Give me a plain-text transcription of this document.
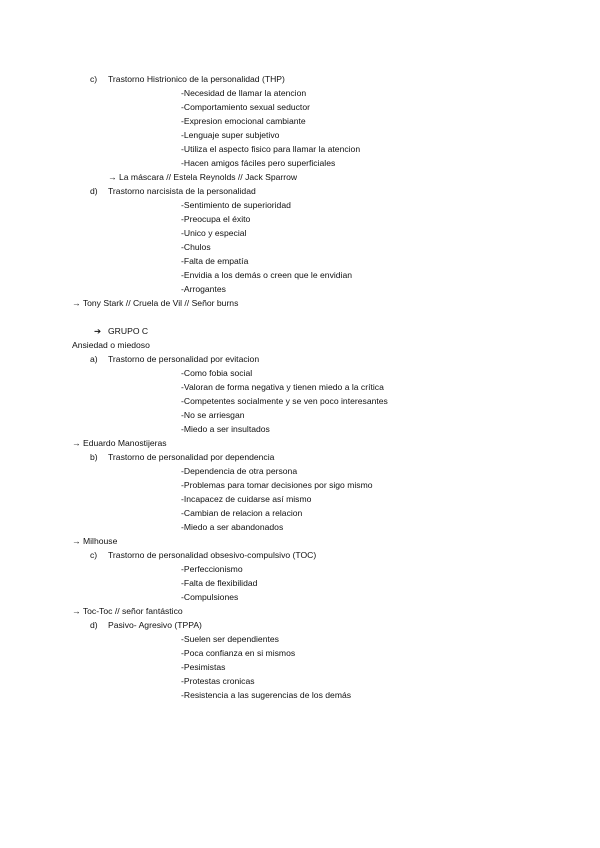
c)	Trastorno Histrionico de la personalidad (THP)
-Necesidad de llamar la atencion
-Comportamiento sexual seductor
-Expresion emocional cambiante
-Lenguaje super subjetivo
-Utiliza el aspecto fisico para llamar la atencion
-Hacen amigos fáciles pero superficiales
→ La máscara // Estela Reynolds // Jack Sparrow
d)	Trastorno narcisista de la personalidad
-Sentimiento de superioridad
-Preocupa el éxito
-Unico y especial
-Chulos
-Falta de empatía
-Envidia a los demás o creen que le envidian
-Arrogantes
→ Tony Stark // Cruela de Vil // Señor burns
➔ GRUPO C
Ansiedad o miedoso
a)	Trastorno de personalidad por evitacion
-Como fobia social
-Valoran de forma negativa y tienen miedo a la crítica
-Competentes socialmente y se ven poco interesantes
-No se arriesgan
-Miedo a ser insultados
→ Eduardo Manostijeras
b)	Trastorno de personalidad por dependencia
-Dependencia de otra persona
-Problemas para tomar decisiones por sigo mismo
-Incapacez de cuidarse así mismo
-Cambian de relacion a relacion
-Miedo a ser abandonados
→ Milhouse
c)	Trastorno de personalidad obsesivo-compulsivo (TOC)
-Perfeccionismo
-Falta de flexibilidad
-Compulsiones
→ Toc-Toc // señor fantástico
d)	Pasivo- Agresivo (TPPA)
-Suelen ser dependientes
-Poca confianza en si mismos
-Pesimistas
-Protestas cronicas
-Resistencia a las sugerencias de los demás
